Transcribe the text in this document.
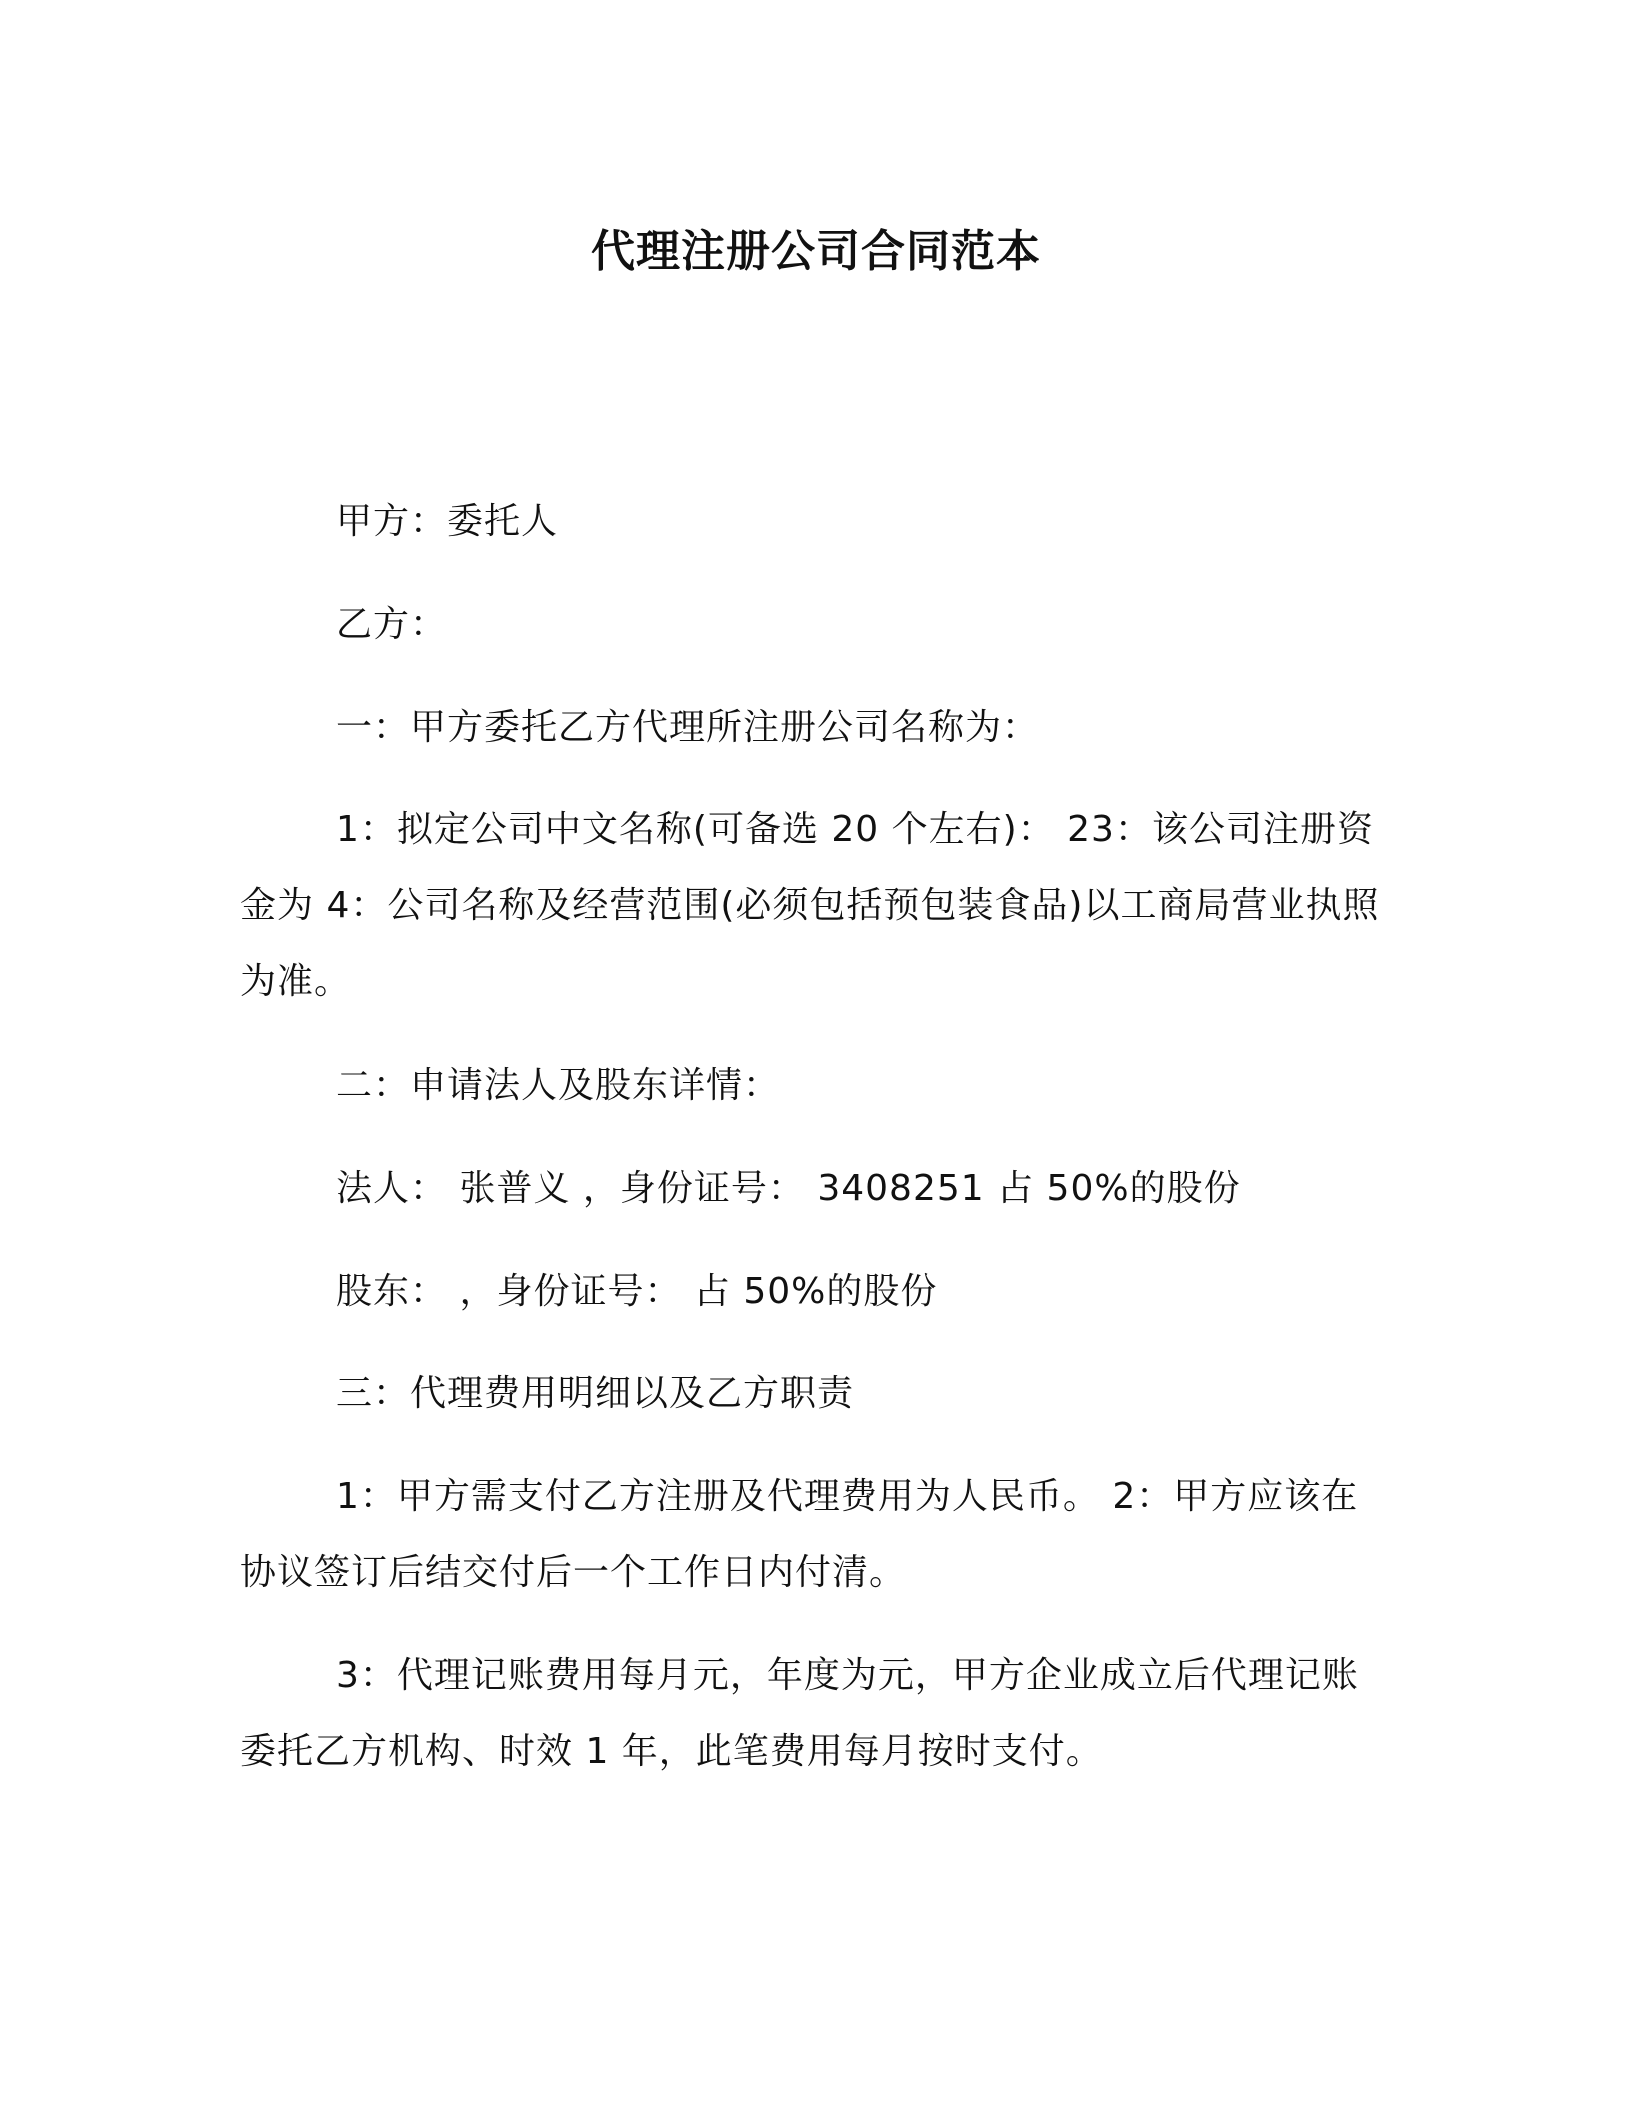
代理注册公司合同范本
甲方：委托人
乙方：
一：甲方委托乙方代理所注册公司名称为：
1：拟定公司中文名称(可备选 20 个左右)： 23：该公司注册资金为 4：公司名称及经营范围(必须包括预包装食品)以工商局营业执照为准。
二：申请法人及股东详情：
法人： 张普义 ，身份证号： 3408251 占 50%的股份
股东： ，身份证号： 占 50%的股份
三：代理费用明细以及乙方职责
1：甲方需支付乙方注册及代理费用为人民币。 2：甲方应该在协议签订后结交付后一个工作日内付清。
3：代理记账费用每月元，年度为元，甲方企业成立后代理记账委托乙方机构、时效 1 年，此笔费用每月按时支付。
